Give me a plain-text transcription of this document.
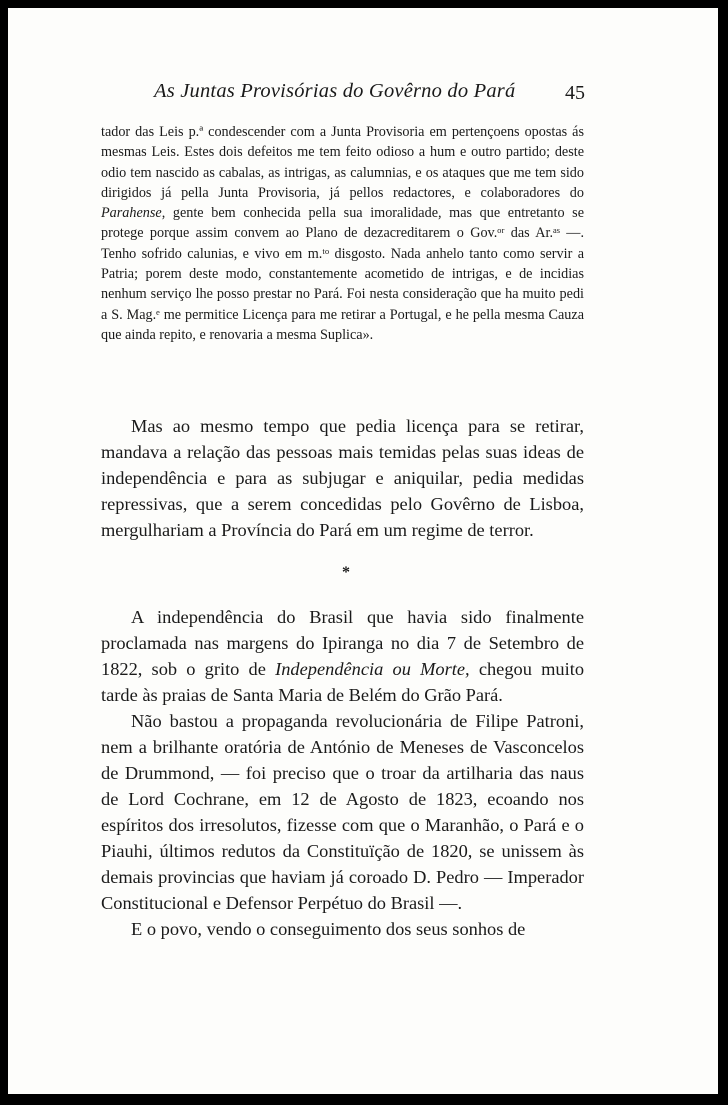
As Juntas Provisórias do Govêrno do Pará	45

tador das Leis p.ª condescender com a Junta Provisoria em pertençoens opostas ás mesmas Leis. Estes dois defeitos me tem feito odioso a hum e outro partido; deste odio tem nascido as cabalas, as intrigas, as calumnias, e os ataques que me tem sido dirigidos já pella Junta Provisoria, já pellos redactores, e colaboradores do Parahense, gente bem conhecida pella sua imoralidade, mas que entretanto se protege porque assim convem ao Plano de dezacreditarem o Gov.ᵒʳ das Ar.ᵃˢ —. Tenho sofrido calunias, e vivo em m.ᵗᵒ disgosto. Nada anhelo tanto como servir a Patria; porem deste modo, constantemente acometido de intrigas, e de incidias nenhum serviço lhe posso prestar no Pará. Foi nesta consideração que ha muito pedi a S. Mag.ᵉ me permitice Licença para me retirar a Portugal, e he pella mesma Cauza que ainda repito, e renovaria a mesma Suplica».

Mas ao mesmo tempo que pedia licença para se retirar, mandava a relação das pessoas mais temidas pelas suas ideas de independência e para as subjugar e aniquilar, pedia medidas repressivas, que a serem concedidas pelo Govêrno de Lisboa, mergulhariam a Província do Pará em um regime de terror.

*

A independência do Brasil que havia sido finalmente proclamada nas margens do Ipiranga no dia 7 de Setembro de 1822, sob o grito de Independência ou Morte, chegou muito tarde às praias de Santa Maria de Belém do Grão Pará.

Não bastou a propaganda revolucionária de Filipe Patroni, nem a brilhante oratória de António de Meneses de Vasconcelos de Drummond, — foi preciso que o troar da artilharia das naus de Lord Cochrane, em 12 de Agosto de 1823, ecoando nos espíritos dos irresolutos, fizesse com que o Maranhão, o Pará e o Piauhi, últimos redutos da Constituïção de 1820, se unissem às demais provincias que haviam já coroado D. Pedro — Imperador Constitucional e Defensor Perpétuo do Brasil —.

E o povo, vendo o conseguimento dos seus sonhos de
